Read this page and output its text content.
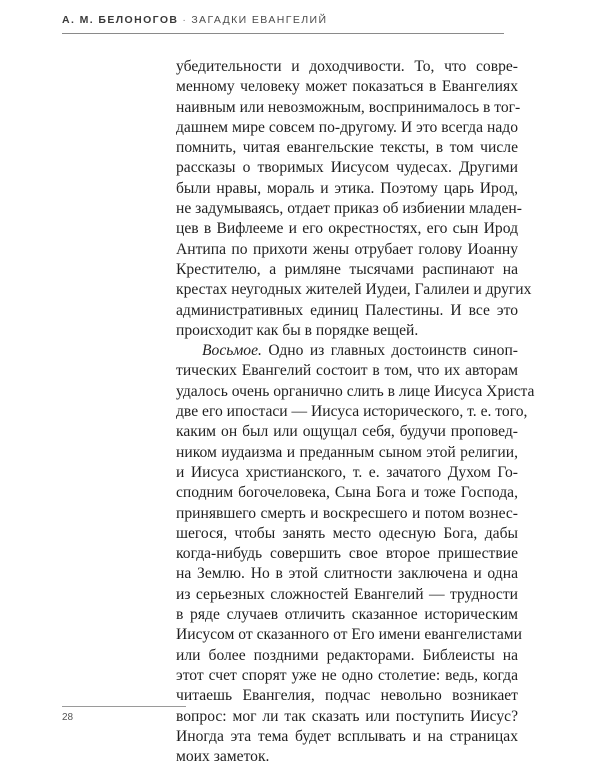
А. М. БЕЛОНОГОВ · ЗАГАДКИ ЕВАНГЕЛИЙ
убедительности и доходчивости. То, что совре-
менному человеку может показаться в Евангелиях
наивным или невозможным, воспринималось в тог-
дашнем мире совсем по-другому. И это всегда надо
помнить, читая евангельские тексты, в том числе
рассказы о творимых Иисусом чудесах. Другими
были нравы, мораль и этика. Поэтому царь Ирод,
не задумываясь, отдает приказ об избиении младен-
цев в Вифлееме и его окрестностях, его сын Ирод
Антипа по прихоти жены отрубает голову Иоанну
Крестителю, а римляне тысячами распинают на
крестах неугодных жителей Иудеи, Галилеи и других
административных единиц Палестины. И все это
происходит как бы в порядке вещей.
Восьмое. Одно из главных достоинств синоп-
тических Евангелий состоит в том, что их авторам
удалось очень органично слить в лице Иисуса Христа
две его ипостаси — Иисуса исторического, т. е. того,
каким он был или ощущал себя, будучи проповед-
ником иудаизма и преданным сыном этой религии,
и Иисуса христианского, т. е. зачатого Духом Го-
сподним богочеловека, Сына Бога и тоже Господа,
принявшего смерть и воскресшего и потом вознес-
шегося, чтобы занять место одесную Бога, дабы
когда-нибудь совершить свое второе пришествие
на Землю. Но в этой слитности заключена и одна
из серьезных сложностей Евангелий — трудности
в ряде случаев отличить сказанное историческим
Иисусом от сказанного от Его имени евангелистами
или более поздними редакторами. Библеисты на
этот счет спорят уже не одно столетие: ведь, когда
читаешь Евангелия, подчас невольно возникает
вопрос: мог ли так сказать или поступить Иисус?
Иногда эта тема будет всплывать и на страницах
моих заметок.
28
